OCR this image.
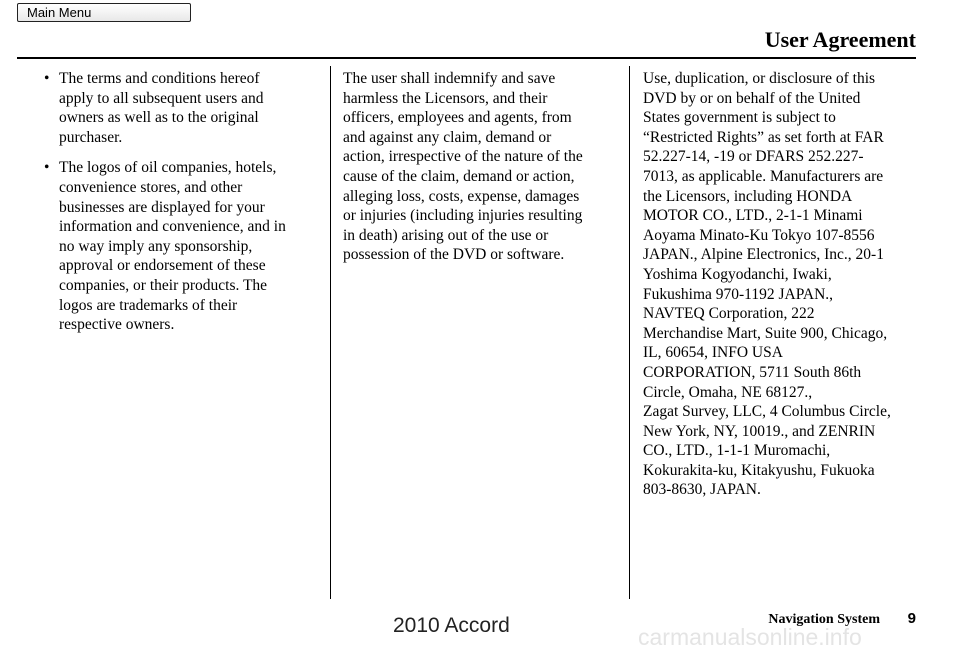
Main Menu
User Agreement
• The terms and conditions hereof
apply to all subsequent users and
owners as well as to the original
purchaser.

• The logos of oil companies, hotels,
convenience stores, and other
businesses are displayed for your
information and convenience, and in
no way imply any sponsorship,
approval or endorsement of these
companies, or their products. The
logos are trademarks of their
respective owners.

The user shall indemnify and save
harmless the Licensors, and their
officers, employees and agents, from
and against any claim, demand or
action, irrespective of the nature of the
cause of the claim, demand or action,
alleging loss, costs, expense, damages
or injuries (including injuries resulting
in death) arising out of the use or
possession of the DVD or software.

Use, duplication, or disclosure of this
DVD by or on behalf of the United
States government is subject to
“Restricted Rights” as set forth at FAR
52.227-14, -19 or DFARS 252.227-
7013, as applicable. Manufacturers are
the Licensors, including HONDA
MOTOR CO., LTD., 2-1-1 Minami
Aoyama Minato-Ku Tokyo 107-8556
JAPAN., Alpine Electronics, Inc., 20-1
Yoshima Kogyodanchi, Iwaki,
Fukushima 970-1192 JAPAN.,
NAVTEQ Corporation, 222
Merchandise Mart, Suite 900, Chicago,
IL, 60654, INFO USA
CORPORATION, 5711 South 86th
Circle, Omaha, NE 68127.,
Zagat Survey, LLC, 4 Columbus Circle,
New York, NY, 10019., and ZENRIN
CO., LTD., 1-1-1 Muromachi,
Kokurakita-ku, Kitakyushu, Fukuoka
803-8630, JAPAN.

Navigation System 9
2010 Accord	carmanualsonline.info
